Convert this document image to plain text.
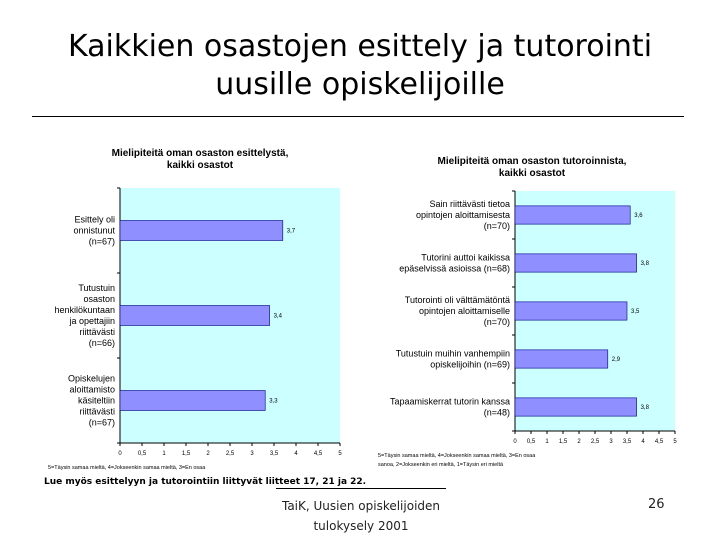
Kaikkien osastojen esittely ja tutorointi
uusille opiskelijoille
Mielipiteitä oman osaston esittelystä,
kaikki osastot
0	0,5	1	1,5	2	2,5	3	3,5	4	4,5	5
3,7
Esittely oli
onnistunut
(n=67)
3,4
Tutustuin
osaston
henkilökuntaan
ja opettajiin
riittävästi
(n=66)
3,3
Opiskelujen
aloittamisto
käsiteltiin
riittävästi
(n=67)
5=Täysin samaa mieltä, 4=Jokseenkin samaa mieltä, 3=En osaa
Mielipiteitä oman osaston tutoroinnista,
kaikki osastot
0 0,5 1 1,5 2 2,5 3 3,5 4 4,5 5
3,6
Sain riittävästi tietoa
opintojen aloittamisesta
(n=70)
3,8
Tutorini auttoi kaikissa
epäselvissä asioissa (n=68)
3,5
Tutorointi oli välttämätöntä
opintojen aloittamiselle
(n=70)
2,9
Tutustuin muihin vanhempiin
opiskelijoihin (n=69)
3,8
Tapaamiskerrat tutorin kanssa
(n=48)
5=Täysin samaa mieltä, 4=Jokseenkin samaa mieltä, 3=En osaa
sanoa, 2=Jokseenkin eri mieltä, 1=Täysin eri mieltä
Lue myös esittelyyn ja tutorointiin liittyvät liitteet 17, 21 ja 22.
TaiK, Uusien opiskelijoiden
tulokysely 2001
26
